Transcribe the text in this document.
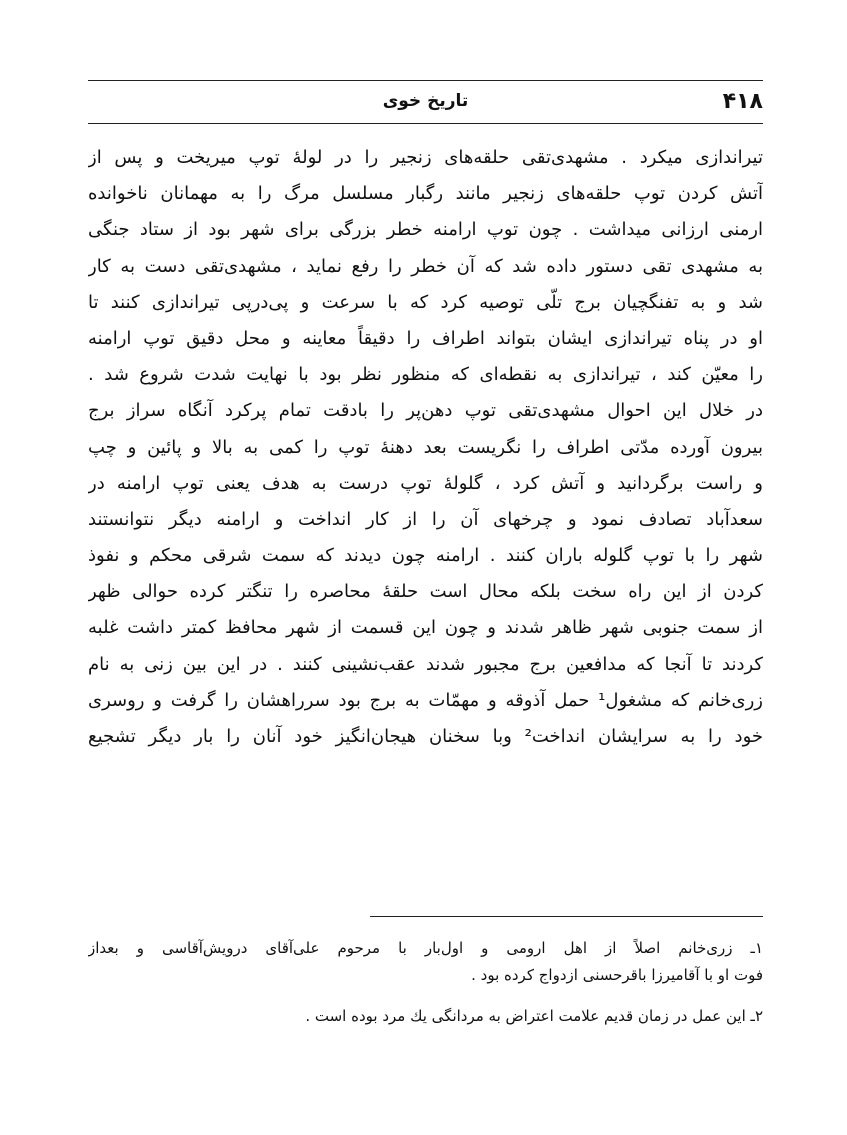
۴۱۸
تاریخ خوی
تیراندازی میکرد . مشهدی‌تقی حلقه‌های زنجیر را در لولهٔ توپ میریخت و پس از
آتش کردن توپ حلقه‌های زنجیر مانند رگبار مسلسل مرگ را به مهمانان ناخوانده
ارمنی ارزانی میداشت . چون توپ ارامنه خطر بزرگی برای شهر بود از ستاد جنگی
به مشهدی تقی دستور داده شد که آن خطر را رفع نماید ، مشهدی‌تقی دست به کار
شد و به تفنگچیان برج تلّی توصیه کرد که با سرعت و پی‌درپی تیراندازی کنند تا
او در پناه تیراندازی ایشان بتواند اطراف را دقیقاً معاینه و محل دقیق توپ ارامنه
را معیّن کند ، تیراندازی به نقطه‌ای که منظور نظر بود با نهایت شدت شروع شد .
در خلال این احوال مشهدی‌تقی توپ دهن‌پر را بادقت تمام پرکرد آنگاه سراز برج
بیرون آورده مدّتی اطراف را نگریست بعد دهنهٔ توپ را کمی به بالا و پائین و چپ
و راست برگردانید و آتش کرد ، گلولهٔ توپ درست به هدف یعنی توپ ارامنه در
سعدآباد تصادف نمود و چرخهای آن را از کار انداخت و ارامنه دیگر نتوانستند
شهر را با توپ گلوله باران کنند . ارامنه چون دیدند که سمت شرقی محکم و نفوذ
کردن از این راه سخت بلکه محال است حلقهٔ محاصره را تنگتر کرده حوالی ظهر
از سمت جنوبی شهر ظاهر شدند و چون این قسمت از شهر محافظ کمتر داشت غلبه
کردند تا آنجا که مدافعین برج مجبور شدند عقب‌نشینی کنند . در این بین زنی به نام
زری‌خانم که مشغول¹ حمل آذوقه و مهمّات به برج بود سرراهشان را گرفت و روسری
خود را به سرایشان انداخت² وبا سخنان هیجان‌انگیز خود آنان را بار دیگر تشجیع
۱ـ زری‌خانم اصلاً از اهل ارومی و اول‌بار با مرحوم علی‌آقای درویش‌آقاسی و بعداز
فوت او با آقامیرزا باقرحسنی ازدواج کرده بود .
۲ـ این عمل در زمان قدیم علامت اعتراض به مردانگی یك مرد بوده است .
